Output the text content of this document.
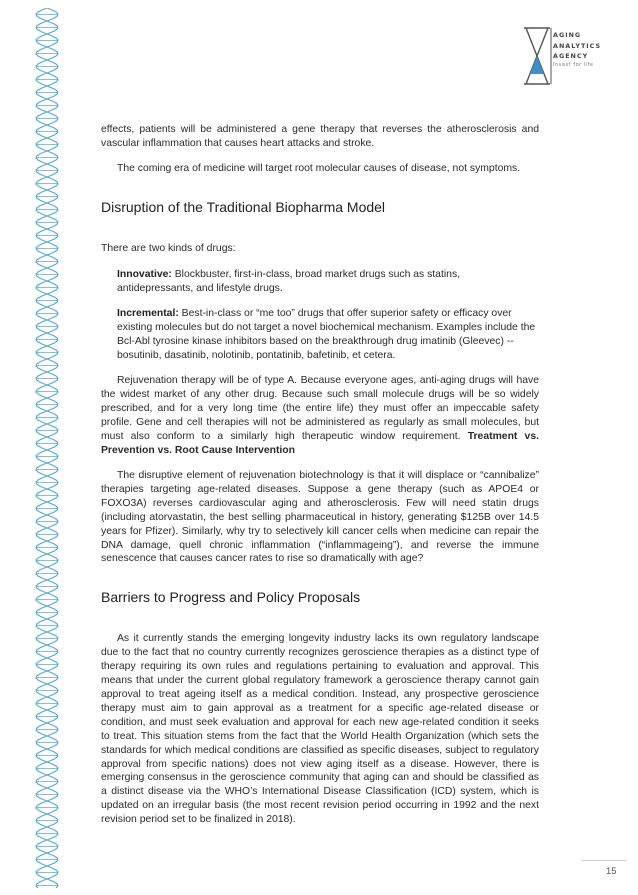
AGING
ANALYTICS
AGENCY
Invest for life

effects, patients will be administered a gene therapy that reverses the atherosclerosis and vascular inflammation that causes heart attacks and stroke.

The coming era of medicine will target root molecular causes of disease, not symptoms.

Disruption of the Traditional Biopharma Model

There are two kinds of drugs:

Innovative: Blockbuster, first-in-class, broad market drugs such as statins, antidepressants, and lifestyle drugs.

Incremental: Best-in-class or “me too” drugs that offer superior safety or efficacy over existing molecules but do not target a novel biochemical mechanism. Examples include the Bcl-Abl tyrosine kinase inhibitors based on the breakthrough drug imatinib (Gleevec) -- bosutinib, dasatinib, nolotinib, pontatinib, bafetinib, et cetera.

Rejuvenation therapy will be of type A. Because everyone ages, anti-aging drugs will have the widest market of any other drug. Because such small molecule drugs will be so widely prescribed, and for a very long time (the entire life) they must offer an impeccable safety profile. Gene and cell therapies will not be administered as regularly as small molecules, but must also conform to a similarly high therapeutic window requirement. Treatment vs. Prevention vs. Root Cause Intervention

The disruptive element of rejuvenation biotechnology is that it will displace or “cannibalize” therapies targeting age-related diseases. Suppose a gene therapy (such as APOE4 or FOXO3A) reverses cardiovascular aging and atherosclerosis. Few will need statin drugs (including atorvastatin, the best selling pharmaceutical in history, generating $125B over 14.5 years for Pfizer). Similarly, why try to selectively kill cancer cells when medicine can repair the DNA damage, quell chronic inflammation (“inflammageing”), and reverse the immune senescence that causes cancer rates to rise so dramatically with age?

Barriers to Progress and Policy Proposals

As it currently stands the emerging longevity industry lacks its own regulatory landscape due to the fact that no country currently recognizes geroscience therapies as a distinct type of therapy requiring its own rules and regulations pertaining to evaluation and approval. This means that under the current global regulatory framework a geroscience therapy cannot gain approval to treat ageing itself as a medical condition. Instead, any prospective geroscience therapy must aim to gain approval as a treatment for a specific age-related disease or condition, and must seek evaluation and approval for each new age-related condition it seeks to treat. This situation stems from the fact that the World Health Organization (which sets the standards for which medical conditions are classified as specific diseases, subject to regulatory approval from specific nations) does not view aging itself as a disease. However, there is emerging consensus in the geroscience community that aging can and should be classified as a distinct disease via the WHO’s International Disease Classification (ICD) system, which is updated on an irregular basis (the most recent revision period occurring in 1992 and the next revision period set to be finalized in 2018).

15
